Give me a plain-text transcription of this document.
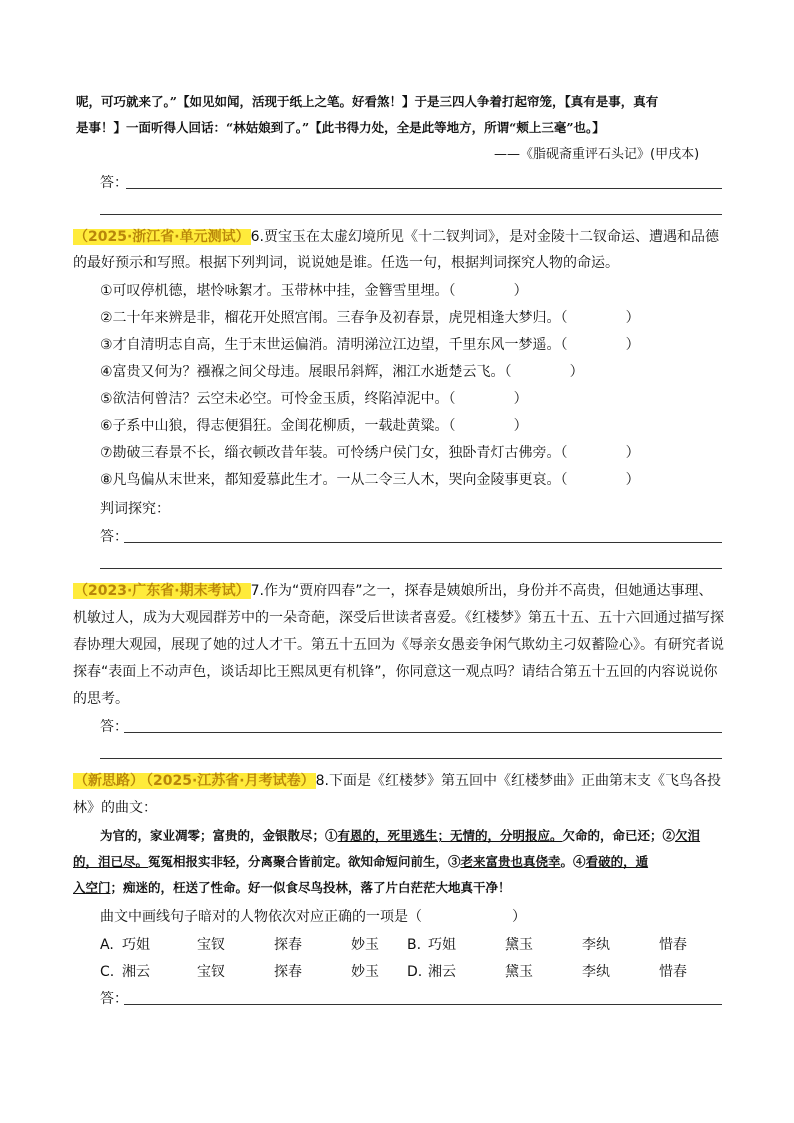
呢，可巧就来了。”【如见如闻，活现于纸上之笔。好看煞！】于是三四人争着打起帘笼，【真有是事，真有
是事！】一面听得人回话：“林姑娘到了。”【此书得力处，全是此等地方，所谓“颊上三毫”也。】
——《脂砚斋重评石头记》(甲戌本)
答：
（2025·浙江省·单元测试）6.贾宝玉在太虚幻境所见《十二钗判词》，是对金陵十二钗命运、遭遇和品德
的最好预示和写照。根据下列判词，说说她是谁。任选一句，根据判词探究人物的命运。
①可叹停机德，堪怜咏絮才。玉带林中挂，金簪雪里埋。（	）
②二十年来辨是非，榴花开处照宫闱。三春争及初春景，虎兕相逢大梦归。（	）
③才自清明志自高，生于末世运偏消。清明涕泣江边望，千里东风一梦遥。（	）
④富贵又何为？襁褓之间父母违。展眼吊斜辉，湘江水逝楚云飞。（	）
⑤欲洁何曾洁？云空未必空。可怜金玉质，终陷淖泥中。（	）
⑥子系中山狼，得志便猖狂。金闺花柳质，一载赴黄粱。（	）
⑦勘破三春景不长，缁衣顿改昔年装。可怜绣户侯门女，独卧青灯古佛旁。（	）
⑧凡鸟偏从末世来，都知爱慕此生才。一从二令三人木，哭向金陵事更哀。（	）
判词探究：
答：
（2023·广东省·期末考试）7.作为“贾府四春”之一，探春是姨娘所出，身份并不高贵，但她通达事理、
机敏过人，成为大观园群芳中的一朵奇葩，深受后世读者喜爱。《红楼梦》第五十五、五十六回通过描写探
春协理大观园，展现了她的过人才干。第五十五回为《辱亲女愚妾争闲气欺幼主刁奴蓄险心》。有研究者说
探春“表面上不动声色，谈话却比王熙凤更有机锋”，你同意这一观点吗？请结合第五十五回的内容说说你
的思考。
答：
（新思路） （2025·江苏省·月考试卷）8.下面是《红楼梦》第五回中《红楼梦曲》正曲第末支《飞鸟各投
林》的曲文：
为官的，家业凋零；富贵的，金银散尽；①有恩的，死里逃生；无情的，分明报应。欠命的，命已还；②欠泪
的，泪已尽。冤冤相报实非轻，分离聚合皆前定。欲知命短问前生，③老来富贵也真侥幸。④看破的，遁
入空门；痴迷的，枉送了性命。好一似食尽鸟投林，落了片白茫茫大地真干净！
曲文中画线句子暗对的人物依次对应正确的一项是（	）
A. 巧姐	宝钗	探春	妙玉 B. 巧姐	黛玉	李纨	惜春
C. 湘云	宝钗	探春	妙玉 D. 湘云	黛玉	李纨	惜春
答：
